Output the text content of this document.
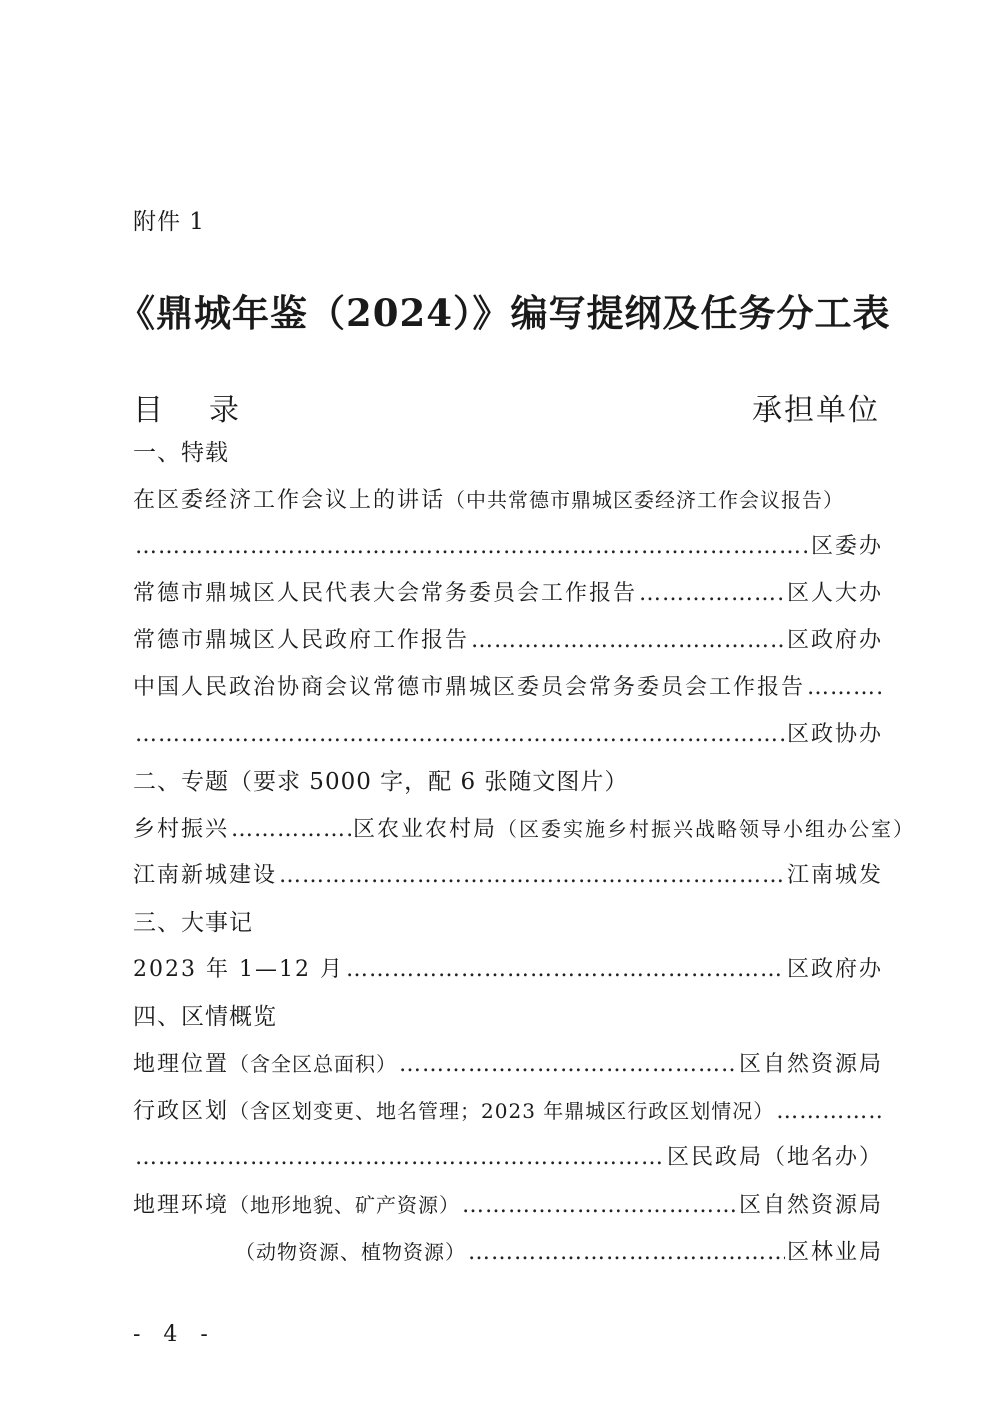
附件 1
《鼎城年鉴（2024）》编写提纲及任务分工表
目录	承担单位
一、特载
在区委经济工作会议上的讲话 （中共常德市鼎城区委经济工作会议报告）
……………………………………………………………………………………………………………………………………………………………………………………
区委办
常德市鼎城区人民代表大会常务委员会工作报告 ……………………………………………………………………………………………………………………………………………………………………………………	区人大办
常德市鼎城区人民政府工作报告 ……………………………………………………………………………………………………………………………………………………………………………………	区政府办
中国人民政治协商会议常德市鼎城区委员会常务委员会工作报告
……………………………………………………………………………………………………………………………………………………………………………………
……………………………………………………………………………………………………………………………………………………………………………………
区政协办
二、专题（要求 5000 字，配 6 张随文图片）
乡村振兴 ……………………………………………………………………………………………………………………………………………………………………………………	区农业农村局 （区委实施乡村振兴战略领导小组办公室）
江南新城建设 ……………………………………………………………………………………………………………………………………………………………………………………	江南城发
三、大事记
2023 年 1—12 月 ……………………………………………………………………………………………………………………………………………………………………………………	区政府办
四、区情概览
地理位置 （含全区总面积） ……………………………………………………………………………………………………………………………………………………………………………………	区自然资源局
行政区划 （含区划变更、地名管理；2023 年鼎城区行政区划情况）
……………………………………………………………………………………………………………………………………………………………………………………
……………………………………………………………………………………………………………………………………………………………………………………
区民政局 （地名办）
地理环境 （地形地貌、矿产资源） ……………………………………………………………………………………………………………………………………………………………………………………	区自然资源局
（动物资源、植物资源） ……………………………………………………………………………………………………………………………………………………………………………………	区林业局
- 4 -
